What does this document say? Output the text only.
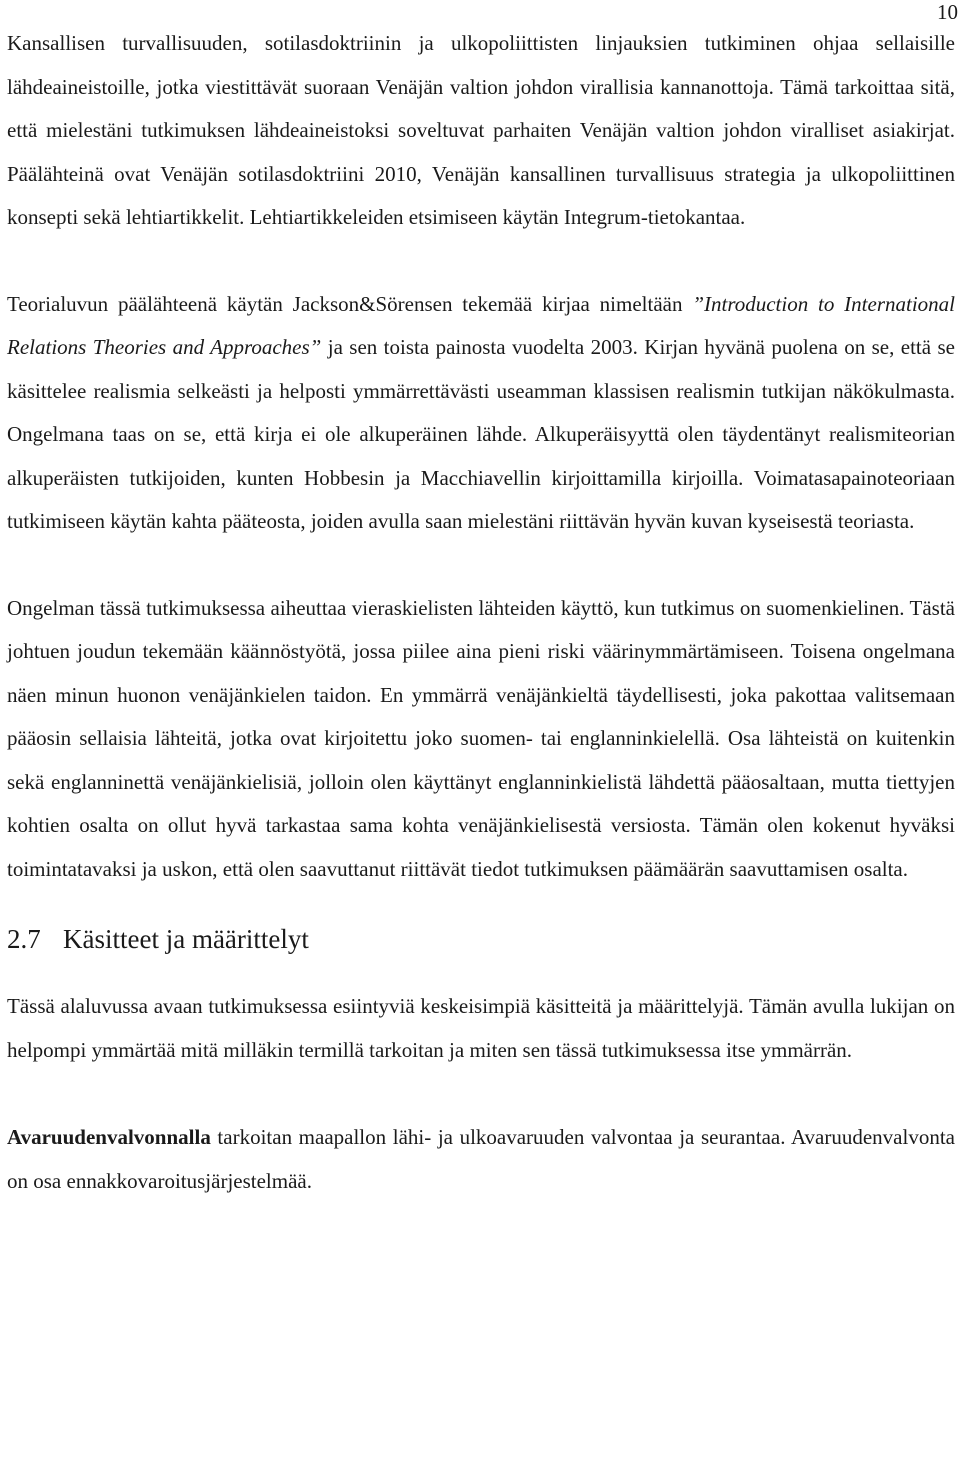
10

Kansallisen turvallisuuden, sotilasdoktriinin ja ulkopoliittisten linjauksien tutkiminen ohjaa sellaisille lähdeaineistoille, jotka viestittävät suoraan Venäjän valtion johdon virallisia kannanottoja. Tämä tarkoittaa sitä, että mielestäni tutkimuksen lähdeaineistoksi soveltuvat parhaiten Venäjän valtion johdon viralliset asiakirjat. Päälähteinä ovat Venäjän sotilasdoktriini 2010, Venäjän kansallinen turvallisuus strategia ja ulkopoliittinen konsepti sekä lehtiartikkelit. Lehtiartikkeleiden etsimiseen käytän Integrum-tietokantaa.

Teorialuvun päälähteenä käytän Jackson&Sörensen tekemää kirjaa nimeltään ”Introduction to International Relations Theories and Approaches” ja sen toista painosta vuodelta 2003. Kirjan hyvänä puolena on se, että se käsittelee realismia selkeästi ja helposti ymmärrettävästi useamman klassisen realismin tutkijan näkökulmasta. Ongelmana taas on se, että kirja ei ole alkuperäinen lähde. Alkuperäisyyttä olen täydentänyt realismiteorian alkuperäisten tutkijoiden, kunten Hobbesin ja Macchiavellin kirjoittamilla kirjoilla. Voimatasapainoteoriaan tutkimiseen käytän kahta pääteosta, joiden avulla saan mielestäni riittävän hyvän kuvan kyseisestä teoriasta.

Ongelman tässä tutkimuksessa aiheuttaa vieraskielisten lähteiden käyttö, kun tutkimus on suomenkielinen. Tästä johtuen joudun tekemään käännöstyötä, jossa piilee aina pieni riski väärinymmärtämiseen. Toisena ongelmana näen minun huonon venäjänkielen taidon. En ymmärrä venäjänkieltä täydellisesti, joka pakottaa valitsemaan pääosin sellaisia lähteitä, jotka ovat kirjoitettu joko suomen- tai englanninkielellä. Osa lähteistä on kuitenkin sekä englanninettä venäjänkielisiä, jolloin olen käyttänyt englanninkielistä lähdettä pääosaltaan, mutta tiettyjen kohtien osalta on ollut hyvä tarkastaa sama kohta venäjänkielisestä versiosta. Tämän olen kokenut hyväksi toimintatavaksi ja uskon, että olen saavuttanut riittävät tiedot tutkimuksen päämäärän saavuttamisen osalta.

2.7 Käsitteet ja määrittelyt

Tässä alaluvussa avaan tutkimuksessa esiintyviä keskeisimpiä käsitteitä ja määrittelyjä. Tämän avulla lukijan on helpompi ymmärtää mitä milläkin termillä tarkoitan ja miten sen tässä tutkimuksessa itse ymmärrän.

Avaruudenvalvonnalla tarkoitan maapallon lähi- ja ulkoavaruuden valvontaa ja seurantaa. Avaruudenvalvonta on osa ennakkovaroitusjärjestelmää.
